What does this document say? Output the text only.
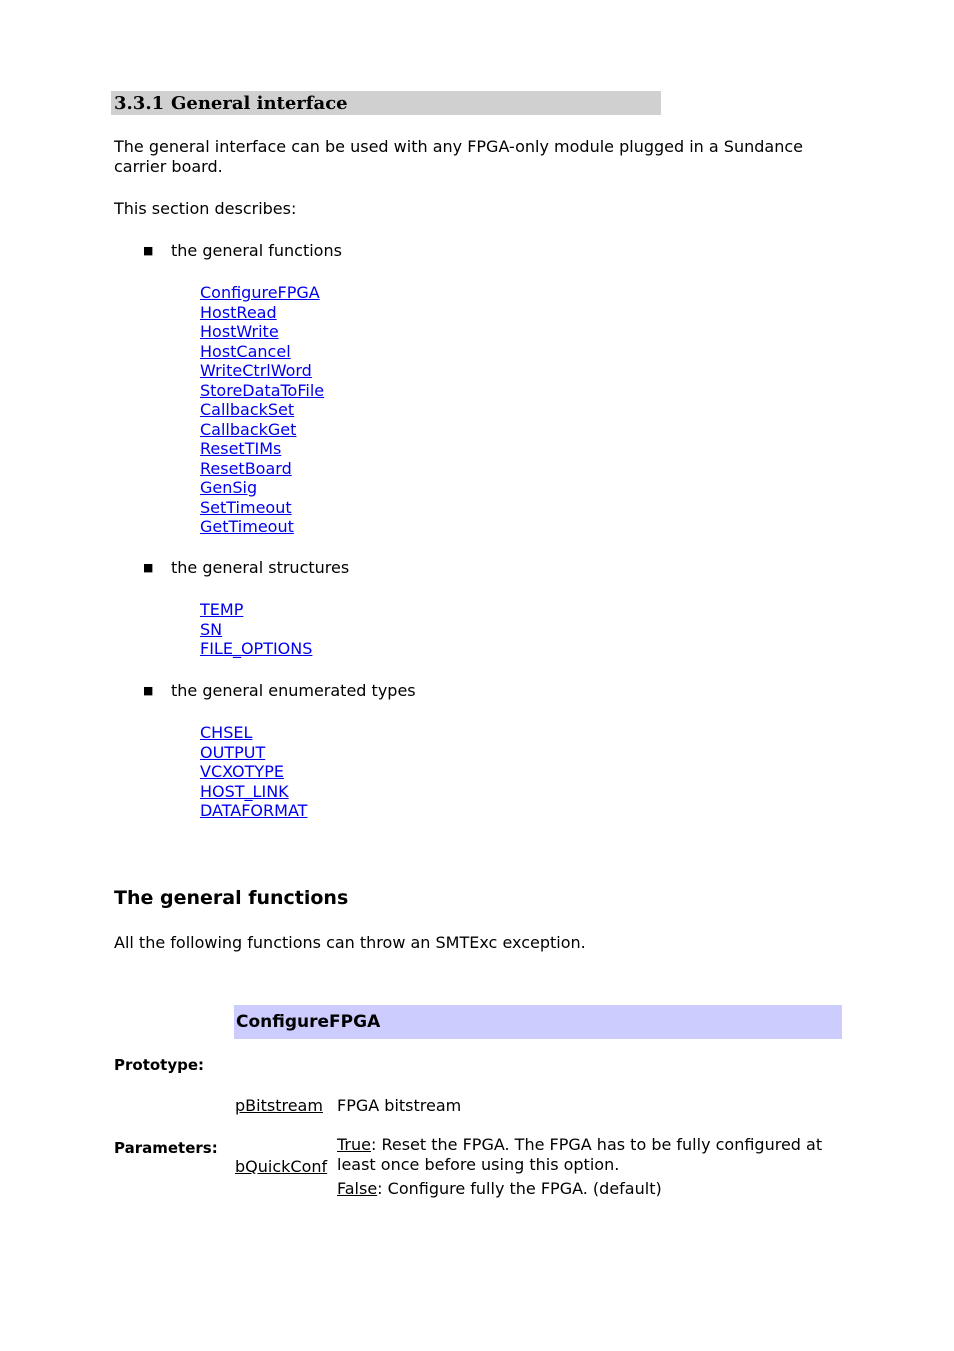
3.3.1 General interface

The general interface can be used with any FPGA-only module plugged in a Sundance carrier board.

This section describes:

■ the general functions
ConfigureFPGA
HostRead
HostWrite
HostCancel
WriteCtrlWord
StoreDataToFile
CallbackSet
CallbackGet
ResetTIMs
ResetBoard
GenSig
SetTimeout
GetTimeout
■ the general structures
TEMP
SN
FILE_OPTIONS
■ the general enumerated types
CHSEL
OUTPUT
VCXOTYPE
HOST_LINK
DATAFORMAT
The general functions

All the following functions can throw an SMTExc exception.

ConfigureFPGA
Prototype:
pBitstream FPGA bitstream
Parameters:
bQuickConf
True: Reset the FPGA. The FPGA has to be fully configured at
least once before using this option.
False: Configure fully the FPGA. (default)
